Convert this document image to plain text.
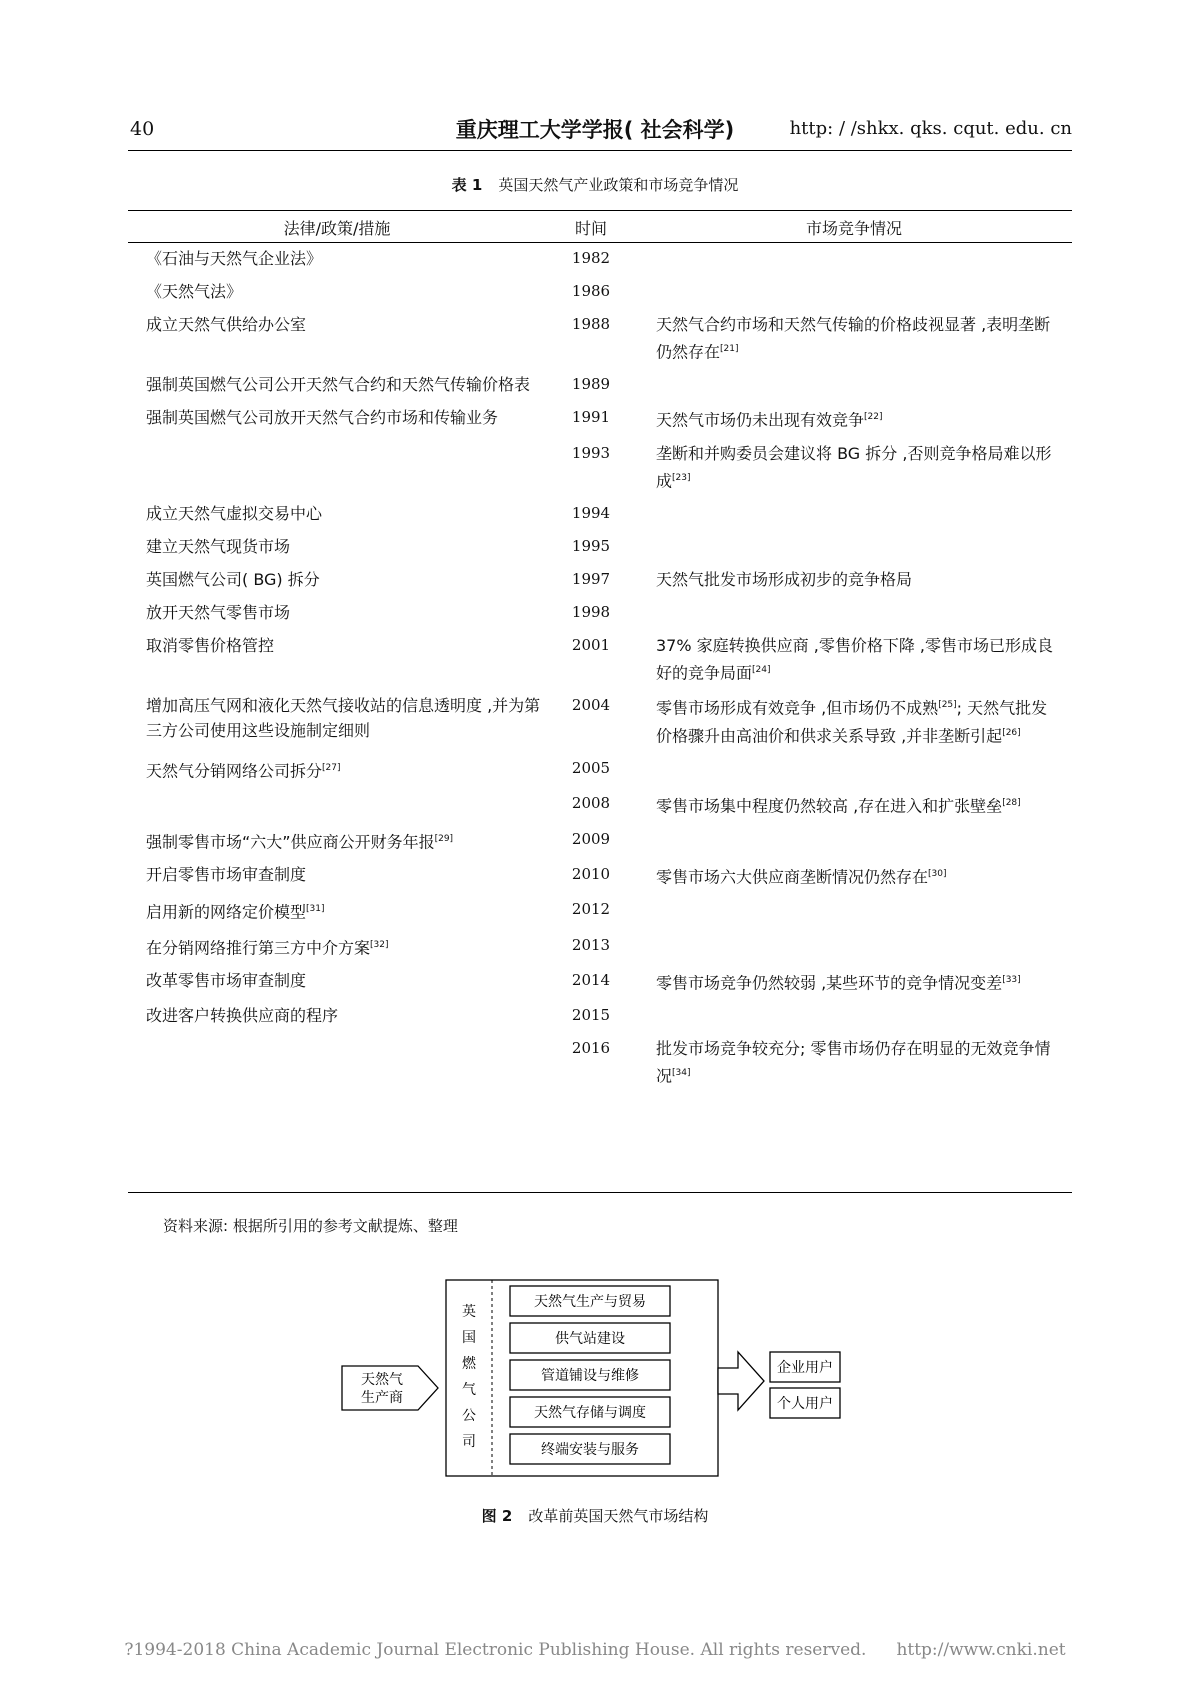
40	重庆理工大学学报( 社会科学)	http: / /shkx. qks. cqut. edu. cn
表 1 英国天然气产业政策和市场竞争情况
法律/政策/措施	时间	市场竞争情况
《石油与天然气企业法》	1982	
《天然气法》	1986	
成立天然气供给办公室	1988	天然气合约市场和天然气传输的价格歧视显著 ,表明垄断仍然存在[21]
强制英国燃气公司公开天然气合约和天然气传输价格表	1989	
强制英国燃气公司放开天然气合约市场和传输业务	1991	天然气市场仍未出现有效竞争[22]
	1993	垄断和并购委员会建议将 BG 拆分 ,否则竞争格局难以形成[23]
成立天然气虚拟交易中心	1994	
建立天然气现货市场	1995	
英国燃气公司( BG) 拆分	1997	天然气批发市场形成初步的竞争格局
放开天然气零售市场	1998	
取消零售价格管控	2001	37% 家庭转换供应商 ,零售价格下降 ,零售市场已形成良好的竞争局面[24]
增加高压气网和液化天然气接收站的信息透明度 ,并为第三方公司使用这些设施制定细则	2004	零售市场形成有效竞争 ,但市场仍不成熟[25]; 天然气批发价格骤升由高油价和供求关系导致 ,并非垄断引起[26]
天然气分销网络公司拆分[27]	2005	
	2008	零售市场集中程度仍然较高 ,存在进入和扩张壁垒[28]
强制零售市场“六大”供应商公开财务年报[29]	2009	
开启零售市场审查制度	2010	零售市场六大供应商垄断情况仍然存在[30]
启用新的网络定价模型[31]	2012	
在分销网络推行第三方中介方案[32]	2013	
改革零售市场审查制度	2014	零售市场竞争仍然较弱 ,某些环节的竞争情况变差[33]
改进客户转换供应商的程序	2015	
	2016	批发市场竞争较充分; 零售市场仍存在明显的无效竞争情况[34]
资料来源: 根据所引用的参考文献提炼、整理
天然气
生产商
英
国
燃
气
公
司
天然气生产与贸易
供气站建设
管道铺设与维修
天然气存储与调度
终端安装与服务
企业用户
个人用户
图 2 改革前英国天然气市场结构
?1994-2018 China Academic Journal Electronic Publishing House. All rights reserved. http://www.cnki.net
